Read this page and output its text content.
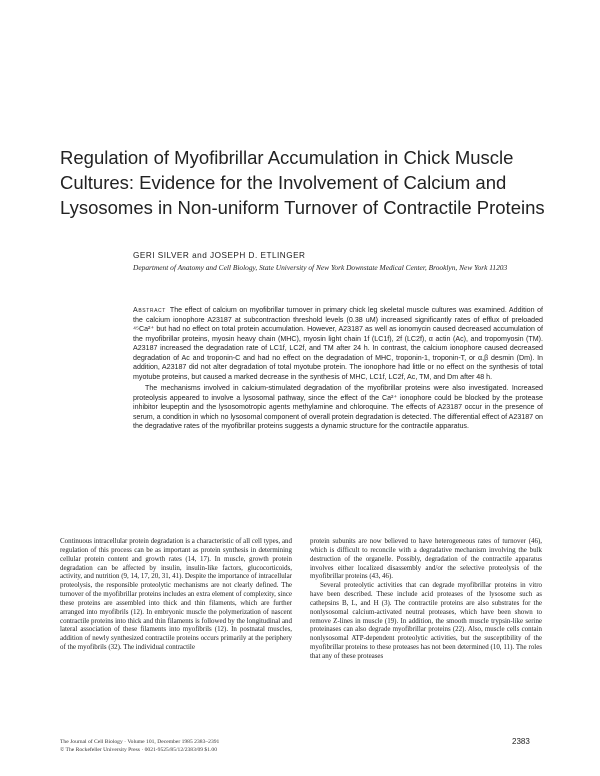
Regulation of Myofibrillar Accumulation in Chick Muscle
Cultures: Evidence for the Involvement of Calcium and
Lysosomes in Non-uniform Turnover of Contractile Proteins
GERI SILVER and JOSEPH D. ETLINGER
Department of Anatomy and Cell Biology, State University of New York Downstate Medical Center, Brooklyn, New York 11203

Abstract The effect of calcium on myofibrillar turnover in primary chick leg skeletal muscle cultures was examined. Addition of the calcium ionophore A23187 at subcontraction threshold levels (0.38 uM) increased significantly rates of efflux of preloaded ⁴⁵Ca²⁺ but had no effect on total protein accumulation. However, A23187 as well as ionomycin caused decreased accumulation of the myofibrillar proteins, myosin heavy chain (MHC), myosin light chain 1f (LC1f), 2f (LC2f), α actin (Ac), and tropomyosin (TM). A23187 increased the degradation rate of LC1f, LC2f, and TM after 24 h. In contrast, the calcium ionophore caused decreased degradation of Ac and troponin-C and had no effect on the degradation of MHC, troponin-1, troponin-T, or α,β desmin (Dm). In addition, A23187 did not alter degradation of total myotube protein. The ionophore had little or no effect on the synthesis of total myotube proteins, but caused a marked decrease in the synthesis of MHC, LC1f, LC2f, Ac, TM, and Dm after 48 h.

The mechanisms involved in calcium-stimulated degradation of the myofibrillar proteins were also investigated. Increased proteolysis appeared to involve a lysosomal pathway, since the effect of the Ca²⁺ ionophore could be blocked by the protease inhibitor leupeptin and the lysosomotropic agents methylamine and chloroquine. The effects of A23187 occur in the presence of serum, a condition in which no lysosomal component of overall protein degradation is detected. The differential effect of A23187 on the degradative rates of the myofibrillar proteins suggests a dynamic structure for the contractile apparatus.

Continuous intracellular protein degradation is a characteristic of all cell types, and regulation of this process can be as important as protein synthesis in determining cellular protein content and growth rates (14, 17). In muscle, growth protein degradation can be affected by insulin, insulin-like factors, glucocorticoids, activity, and nutrition (9, 14, 17, 20, 31, 41). Despite the importance of intracellular proteolysis, the responsible proteolytic mechanisms are not clearly defined. The turnover of the myofibrillar proteins includes an extra element of complexity, since these proteins are assembled into thick and thin filaments, which are further arranged into myofibrils (12). In embryonic muscle the polymerization of nascent contractile proteins into thick and thin filaments is followed by the longitudinal and lateral association of these filaments into myofibrils (12). In postnatal muscles, addition of newly synthesized contractile proteins occurs primarily at the periphery of the myofibrils (32). The individual contractile

protein subunits are now believed to have heterogeneous rates of turnover (46), which is difficult to reconcile with a degradative mechanism involving the bulk destruction of the organelle. Possibly, degradation of the contractile apparatus involves either localized disassembly and/or the selective proteolysis of the myofibrillar proteins (43, 46).

Several proteolytic activities that can degrade myofibrillar proteins in vitro have been described. These include acid proteases of the lysosome such as cathepsins B, L, and H (3). The contractile proteins are also substrates for the nonlysosomal calcium-activated neutral proteases, which have been shown to remove Z-lines in muscle (19). In addition, the smooth muscle trypsin-like serine proteinases can also degrade myofibrillar proteins (22). Also, muscle cells contain nonlysosomal ATP-dependent proteolytic activities, but the susceptibility of the myofibrillar proteins to these proteases has not been determined (10, 11). The roles that any of these proteases

The Journal of Cell Biology · Volume 101, December 1985 2383–2391
© The Rockefeller University Press · 0021-9525/85/12/2383/09 $1.00
2383
